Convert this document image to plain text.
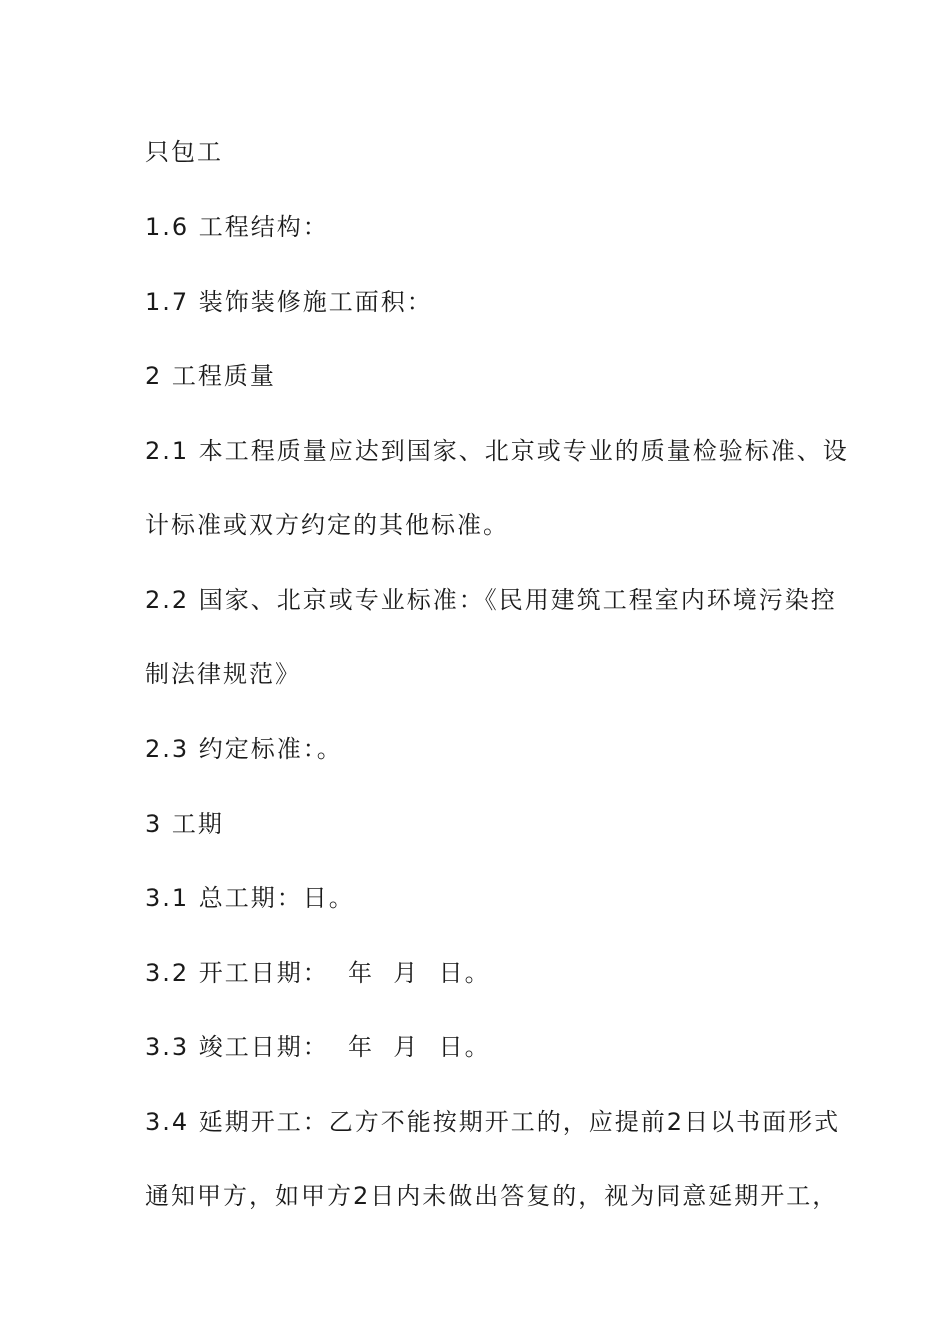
只包工
1.6 工程结构：
1.7 装饰装修施工面积：
2 工程质量
2.1 本工程质量应达到国家、北京或专业的质量检验标准、设
计标准或双方约定的其他标准。
2.2 国家、北京或专业标准：《民用建筑工程室内环境污染控
制法律规范》
2.3 约定标准：。
3 工期
3.1 总工期：日。
3.2 开工日期：  年  月  日。
3.3 竣工日期：  年  月  日。
3.4 延期开工：乙方不能按期开工的，应提前2日以书面形式
通知甲方，如甲方2日内未做出答复的，视为同意延期开工，
